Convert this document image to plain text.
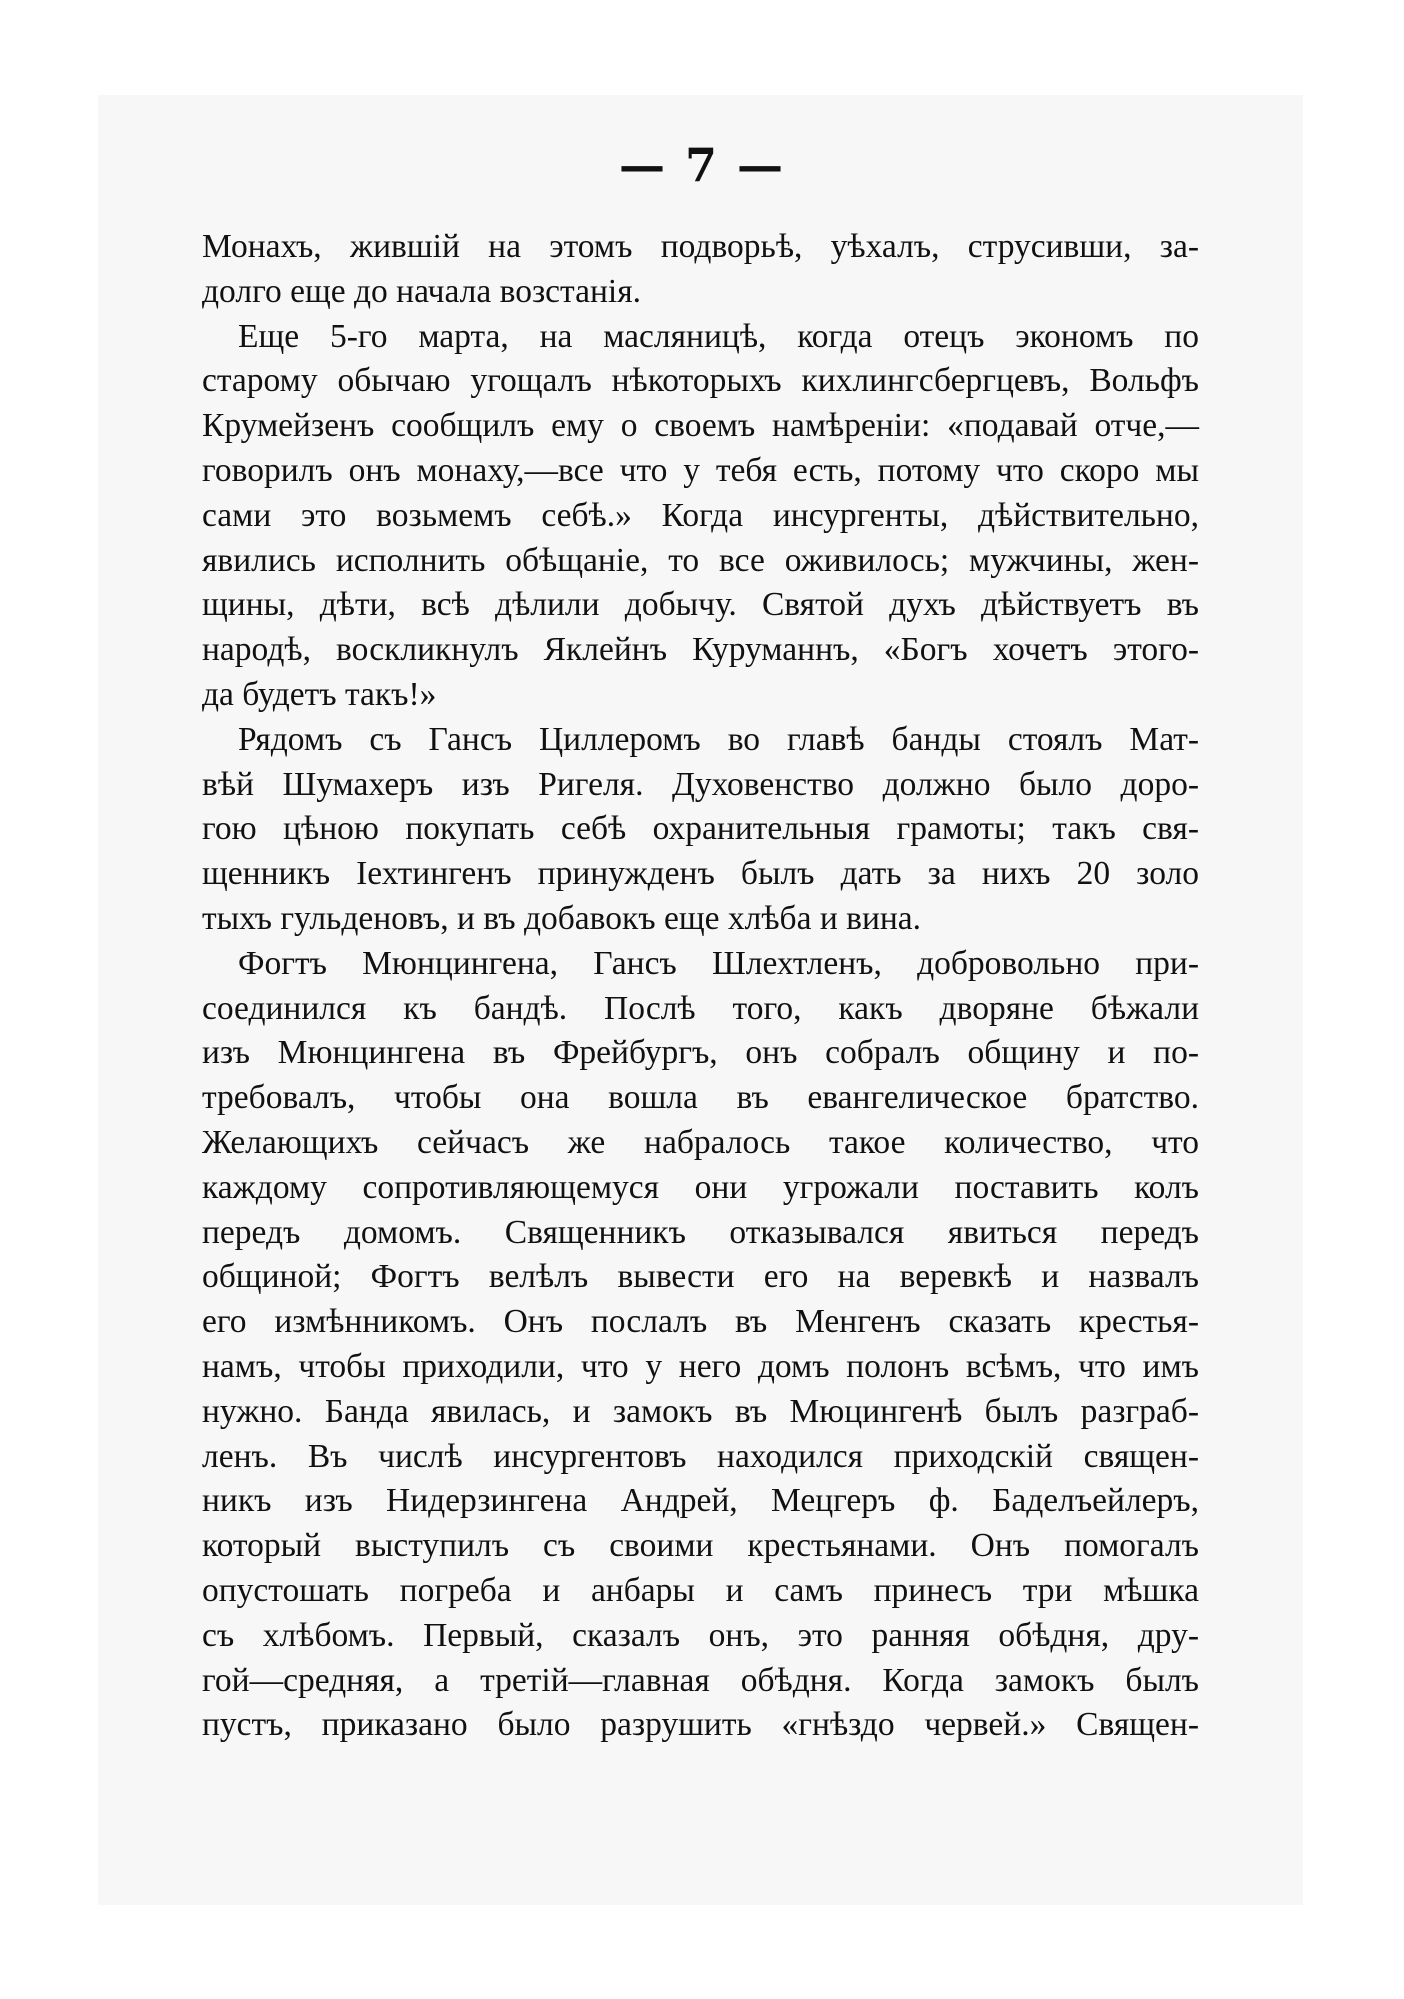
— 7 —
Монахъ, жившій на этомъ подворьѣ, уѣхалъ, струсивши, за-
долго еще до начала возстанія.
Еще 5-го марта, на масляницѣ, когда отецъ экономъ по
старому обычаю угощалъ нѣкоторыхъ кихлингсбергцевъ, Вольфъ
Крумейзенъ сообщилъ ему о своемъ намѣреніи: «подавай отче,—
говорилъ онъ монаху,—все что у тебя есть, потому что скоро мы
сами это возьмемъ себѣ.» Когда инсургенты, дѣйствительно,
явились исполнить обѣщаніе, то все оживилось; мужчины, жен-
щины, дѣти, всѣ дѣлили добычу. Святой духъ дѣйствуетъ въ
народѣ, воскликнулъ Яклейнъ Куруманнъ, «Богъ хочетъ этого-
да будетъ такъ!»
Рядомъ съ Гансъ Циллеромъ во главѣ банды стоялъ Мат-
вѣй Шумахеръ изъ Ригеля. Духовенство должно было дoро-
гою цѣною покупать себѣ охранительныя грамоты; такъ свя-
щенникъ Iехтингенъ принужденъ былъ дать за нихъ 20 золо
тыхъ гульденовъ, и въ добавокъ еще хлѣба и вина.
Фогтъ Мюнцингена, Гансъ Шлехтленъ, добровольно при-
соединился къ бандѣ. Послѣ того, какъ дворяне бѣжали
изъ Мюнцингена въ Фрейбургъ, онъ собралъ общину и по-
требовалъ, чтобы она вошла въ евангелическое братство.
Желающихъ сейчасъ же набралось такое количество, что
каждому сопротивляющемуся они угрожали поставить колъ
передъ домомъ. Священникъ отказывался явиться передъ
общиной; Фогтъ велѣлъ вывести его на веревкѣ и назвалъ
его измѣнникомъ. Онъ послалъ въ Менгенъ сказать крестья-
намъ, чтобы приходили, что у него домъ полонъ всѣмъ, что имъ
нужно. Банда явилась, и замокъ въ Мюцингенѣ былъ разграб-
ленъ. Въ числѣ инсургентовъ находился приходскій свящeн-
никъ изъ Нидерзингена Андрей, Мецгеръ ф. Баделъейлеръ,
который выступилъ съ своими крестьянами. Онъ помогалъ
опустошать погреба и анбары и самъ принесъ три мѣшка
съ хлѣбомъ. Первый, сказалъ онъ, это ранняя обѣдня, дру-
гой—средняя, а третій—главная обѣдня. Когда замокъ былъ
пустъ, приказано было разрушить «гнѣздо червей.» Священ-
